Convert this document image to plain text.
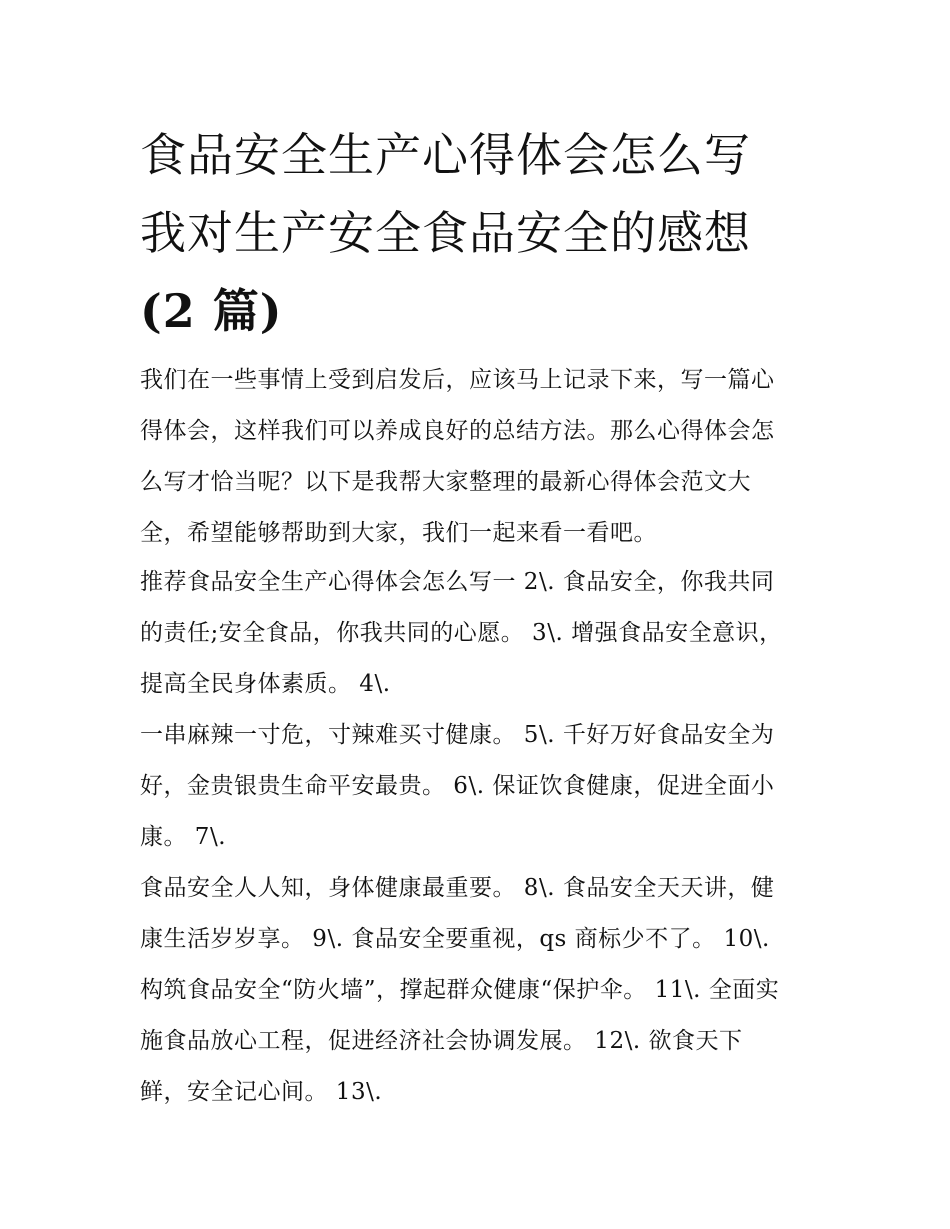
食品安全生产心得体会怎么写
我对生产安全食品安全的感想
(2 篇)
我们在一些事情上受到启发后，应该马上记录下来，写一篇心
得体会，这样我们可以养成良好的总结方法。那么心得体会怎
么写才恰当呢？以下是我帮大家整理的最新心得体会范文大
全，希望能够帮助到大家，我们一起来看一看吧。
推荐食品安全生产心得体会怎么写一 2\. 食品安全，你我共同
的责任;安全食品，你我共同的心愿。 3\. 增强食品安全意识，
提高全民身体素质。 4\.
一串麻辣一寸危，寸辣难买寸健康。 5\. 千好万好食品安全为
好，金贵银贵生命平安最贵。 6\. 保证饮食健康，促进全面小
康。 7\.
食品安全人人知，身体健康最重要。 8\. 食品安全天天讲，健
康生活岁岁享。 9\. 食品安全要重视，qs 商标少不了。 10\.
构筑食品安全“防火墙”，撑起群众健康“保护伞。 11\. 全面实
施食品放心工程，促进经济社会协调发展。 12\. 欲食天下
鲜，安全记心间。 13\.
